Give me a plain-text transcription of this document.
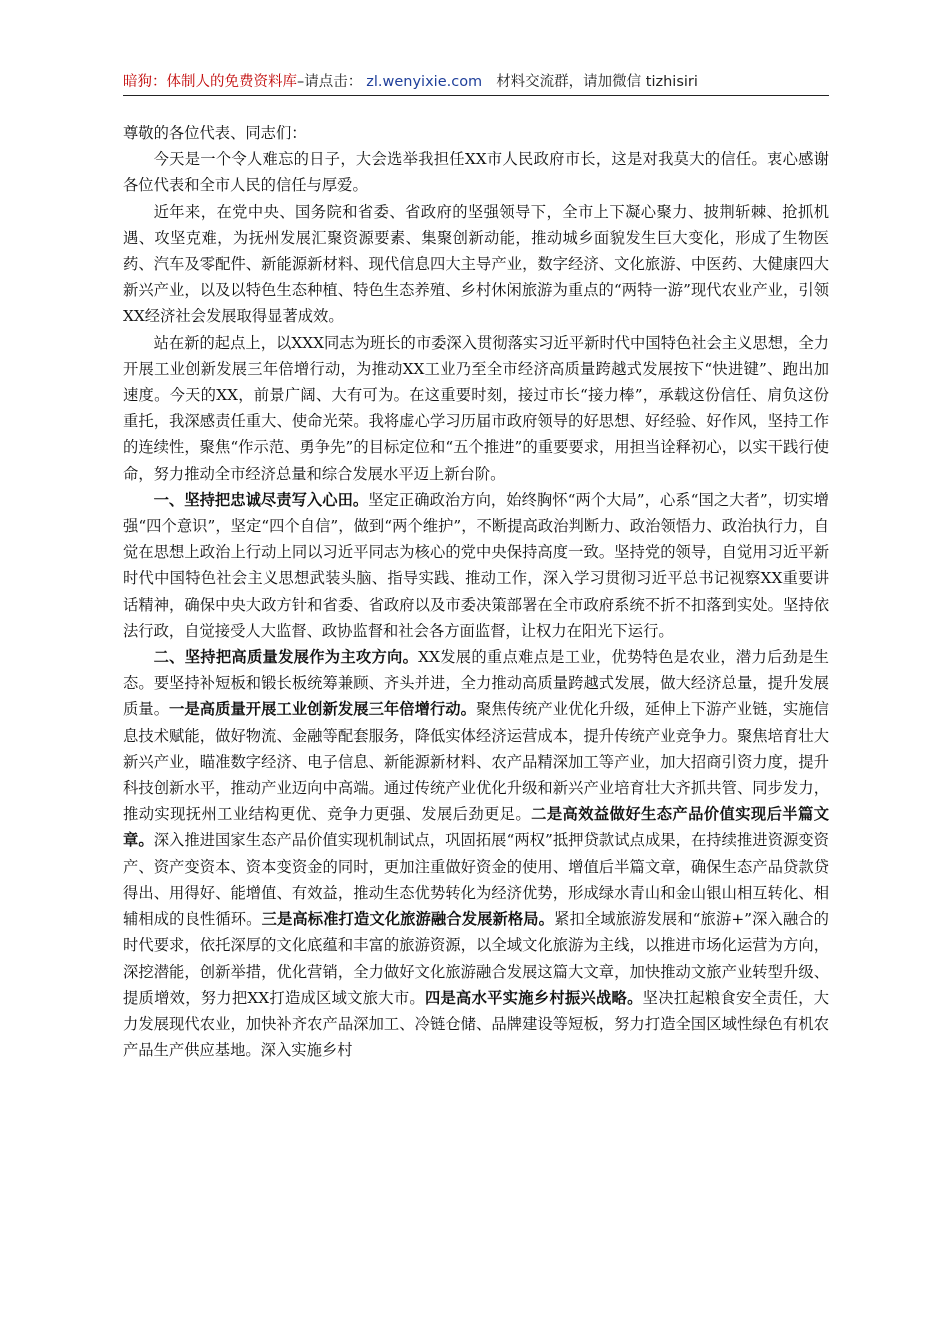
暗狗：体制人的免费资料库–请点击： zl.wenyixie.com 材料交流群，请加微信 tizhisiri

尊敬的各位代表、同志们：

今天是一个令人难忘的日子，大会选举我担任XX市人民政府市长，这是对我莫大的信任。衷心感谢各位代表和全市人民的信任与厚爱。

近年来，在党中央、国务院和省委、省政府的坚强领导下，全市上下凝心聚力、披荆斩棘、抢抓机遇、攻坚克难，为抚州发展汇聚资源要素、集聚创新动能，推动城乡面貌发生巨大变化，形成了生物医药、汽车及零配件、新能源新材料、现代信息四大主导产业，数字经济、文化旅游、中医药、大健康四大新兴产业，以及以特色生态种植、特色生态养殖、乡村休闲旅游为重点的“两特一游”现代农业产业，引领XX经济社会发展取得显著成效。

站在新的起点上，以XXX同志为班长的市委深入贯彻落实习近平新时代中国特色社会主义思想，全力开展工业创新发展三年倍增行动，为推动XX工业乃至全市经济高质量跨越式发展按下“快进键”、跑出加速度。今天的XX，前景广阔、大有可为。在这重要时刻，接过市长“接力棒”，承载这份信任、肩负这份重托，我深感责任重大、使命光荣。我将虚心学习历届市政府领导的好思想、好经验、好作风，坚持工作的连续性，聚焦“作示范、勇争先”的目标定位和“五个推进”的重要要求，用担当诠释初心，以实干践行使命，努力推动全市经济总量和综合发展水平迈上新台阶。

一、坚持把忠诚尽责写入心田。坚定正确政治方向，始终胸怀“两个大局”，心系“国之大者”，切实增强“四个意识”，坚定“四个自信”，做到“两个维护”，不断提高政治判断力、政治领悟力、政治执行力，自觉在思想上政治上行动上同以习近平同志为核心的党中央保持高度一致。坚持党的领导，自觉用习近平新时代中国特色社会主义思想武装头脑、指导实践、推动工作，深入学习贯彻习近平总书记视察XX重要讲话精神，确保中央大政方针和省委、省政府以及市委决策部署在全市政府系统不折不扣落到实处。坚持依法行政，自觉接受人大监督、政协监督和社会各方面监督，让权力在阳光下运行。

二、坚持把高质量发展作为主攻方向。XX发展的重点难点是工业，优势特色是农业，潜力后劲是生态。要坚持补短板和锻长板统筹兼顾、齐头并进，全力推动高质量跨越式发展，做大经济总量，提升发展质量。一是高质量开展工业创新发展三年倍增行动。聚焦传统产业优化升级，延伸上下游产业链，实施信息技术赋能，做好物流、金融等配套服务，降低实体经济运营成本，提升传统产业竞争力。聚焦培育壮大新兴产业，瞄准数字经济、电子信息、新能源新材料、农产品精深加工等产业，加大招商引资力度，提升科技创新水平，推动产业迈向中高端。通过传统产业优化升级和新兴产业培育壮大齐抓共管、同步发力，推动实现抚州工业结构更优、竞争力更强、发展后劲更足。二是高效益做好生态产品价值实现后半篇文章。深入推进国家生态产品价值实现机制试点，巩固拓展“两权”抵押贷款试点成果，在持续推进资源变资产、资产变资本、资本变资金的同时，更加注重做好资金的使用、增值后半篇文章，确保生态产品贷款贷得出、用得好、能增值、有效益，推动生态优势转化为经济优势，形成绿水青山和金山银山相互转化、相辅相成的良性循环。三是高标准打造文化旅游融合发展新格局。紧扣全域旅游发展和“旅游+”深入融合的时代要求，依托深厚的文化底蕴和丰富的旅游资源，以全域文化旅游为主线，以推进市场化运营为方向，深挖潜能，创新举措，优化营销，全力做好文化旅游融合发展这篇大文章，加快推动文旅产业转型升级、提质增效，努力把XX打造成区域文旅大市。四是高水平实施乡村振兴战略。坚决扛起粮食安全责任，大力发展现代农业，加快补齐农产品深加工、冷链仓储、品牌建设等短板，努力打造全国区域性绿色有机农产品生产供应基地。深入实施乡村
